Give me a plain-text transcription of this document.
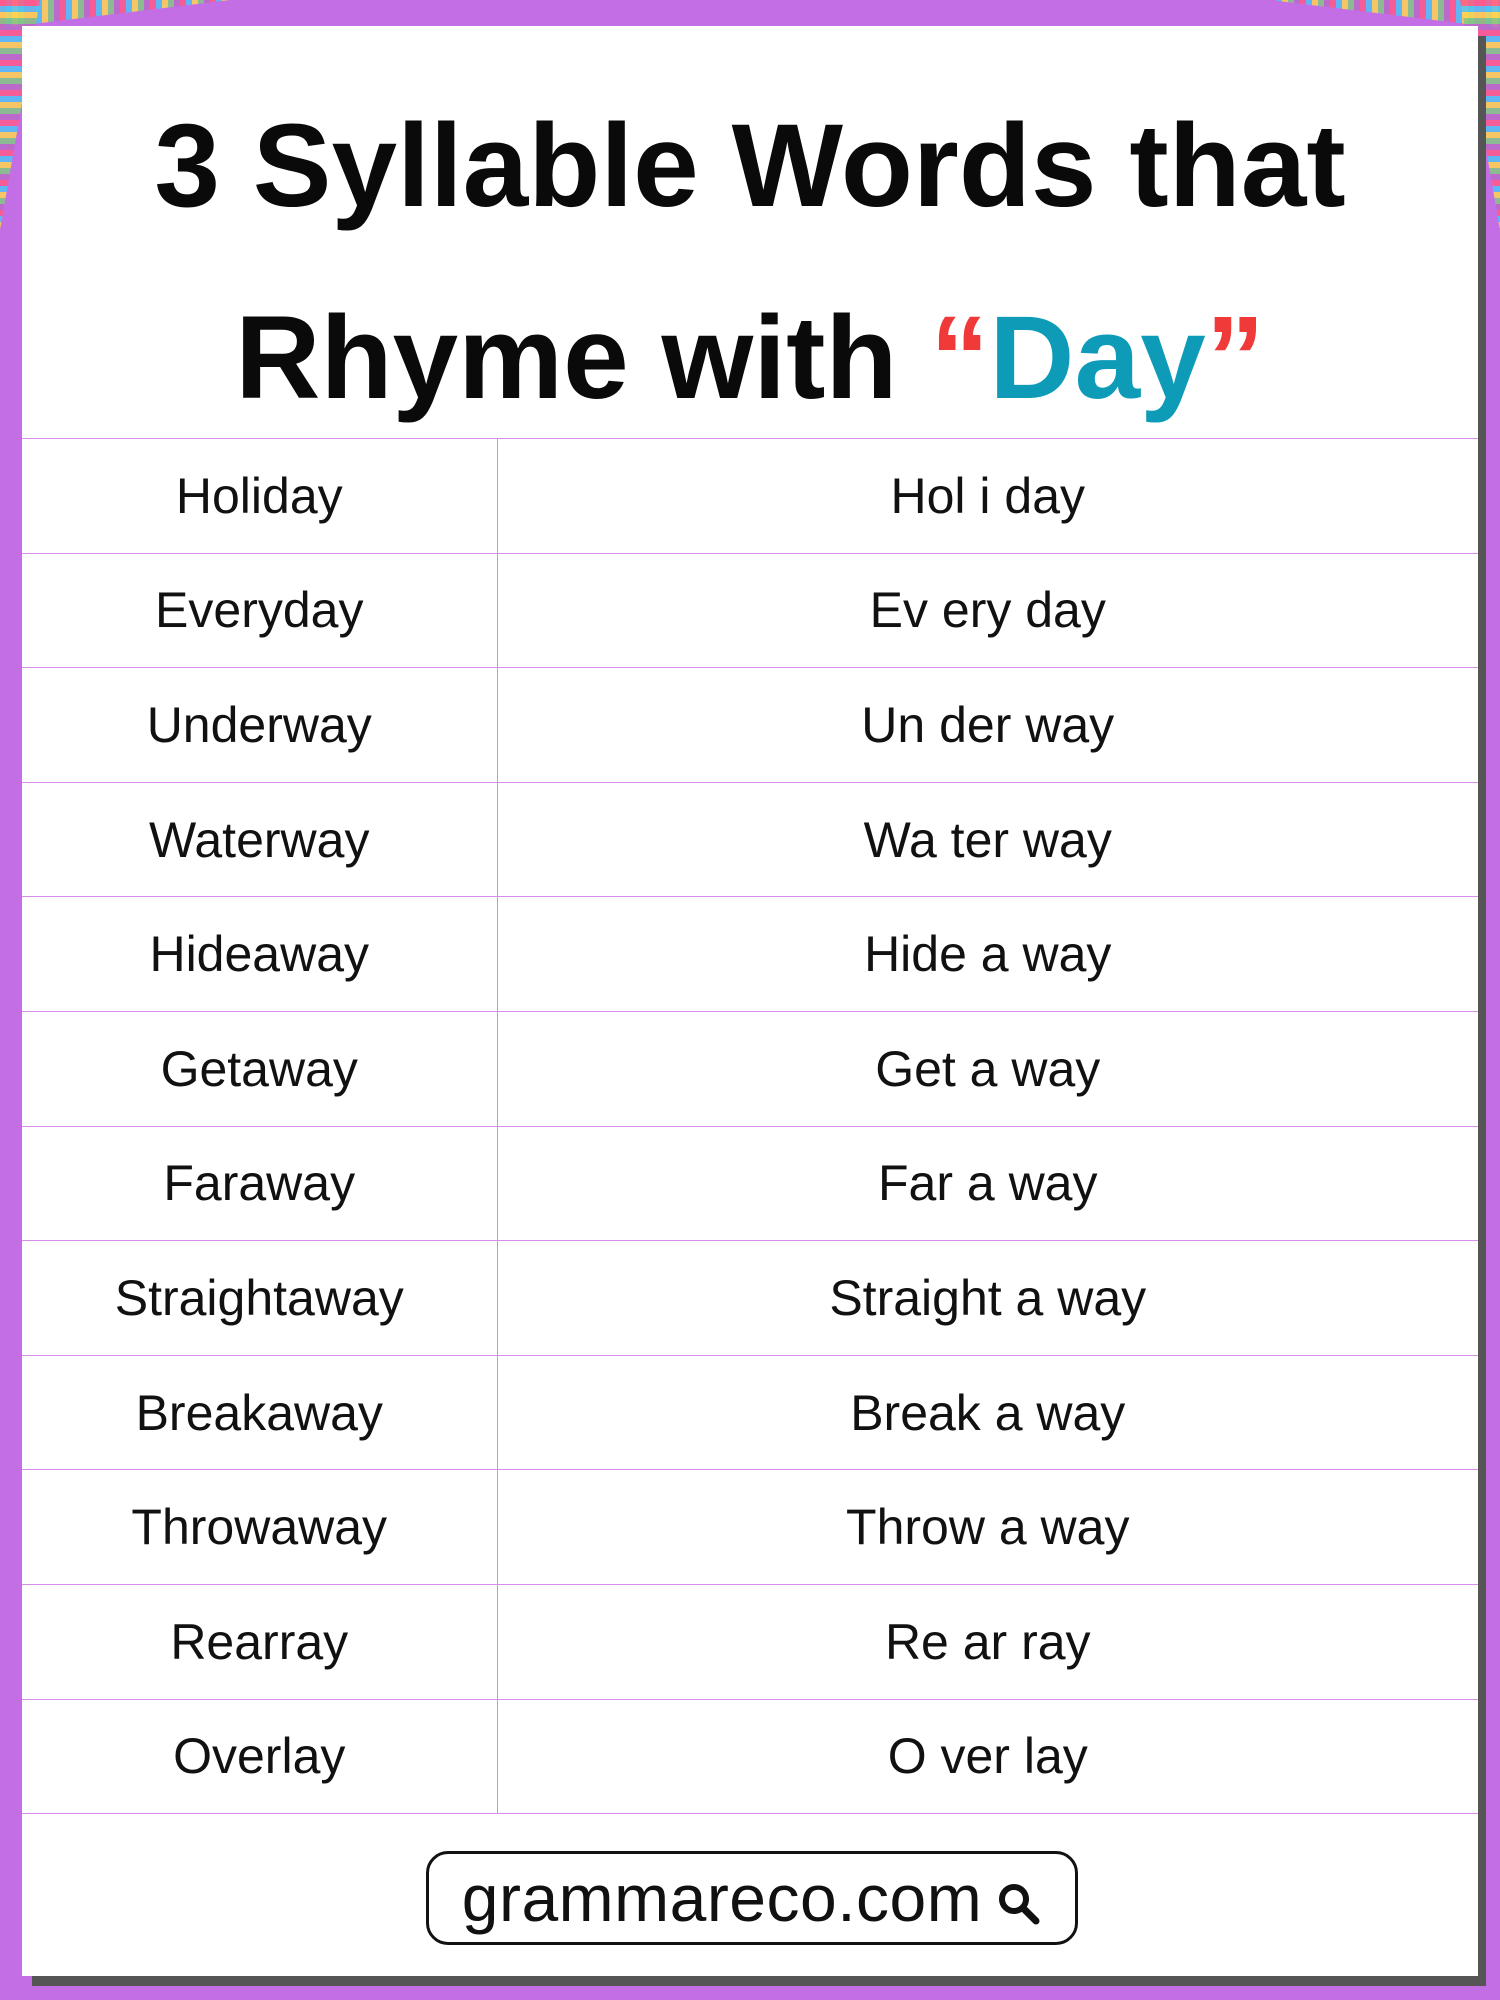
3 Syllable Words that
Rhyme with “Day”
Holiday	Hol i day
Everyday	Ev ery day
Underway	Un der way
Waterway	Wa ter way
Hideaway	Hide a way
Getaway	Get a way
Faraway	Far a way
Straightaway	Straight a way
Breakaway	Break a way
Throwaway	Throw a way
Rearray	Re ar ray
Overlay	O ver lay
grammareco.com
